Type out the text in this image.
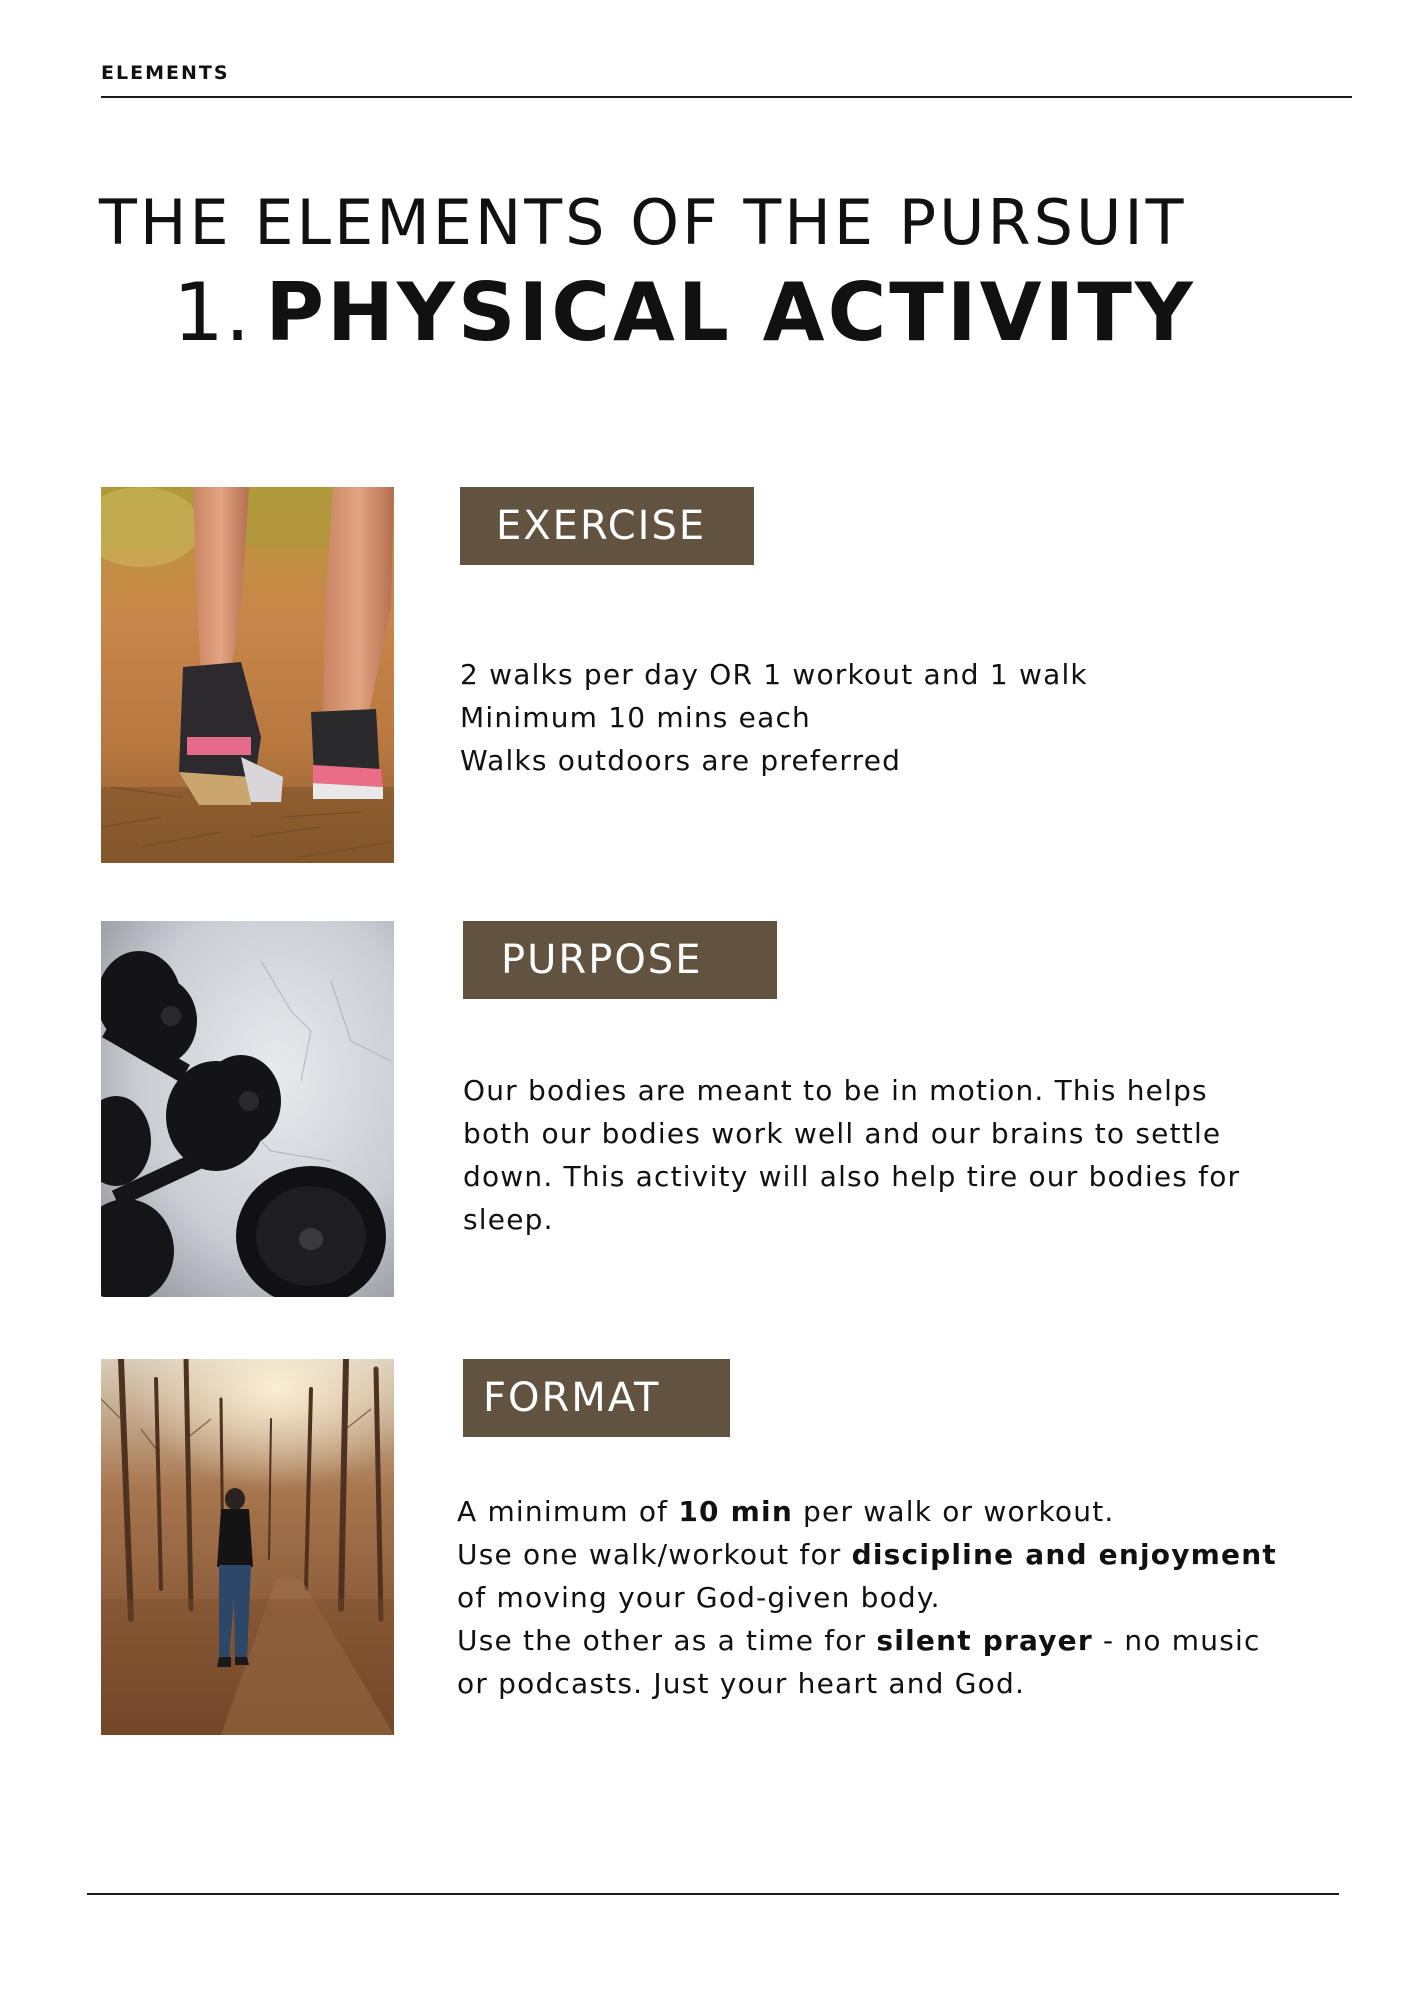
ELEMENTS
THE ELEMENTS OF THE PURSUIT
1. PHYSICAL ACTIVITY
EXERCISE
2 walks per day OR 1 workout and 1 walk
Minimum 10 mins each
Walks outdoors are preferred
PURPOSE
Our bodies are meant to be in motion. This helps
both our bodies work well and our brains to settle
down. This activity will also help tire our bodies for
sleep.
FORMAT
A minimum of 10 min per walk or workout.
Use one walk/workout for discipline and enjoyment
of moving your God-given body.
Use the other as a time for silent prayer - no music
or podcasts. Just your heart and God.
